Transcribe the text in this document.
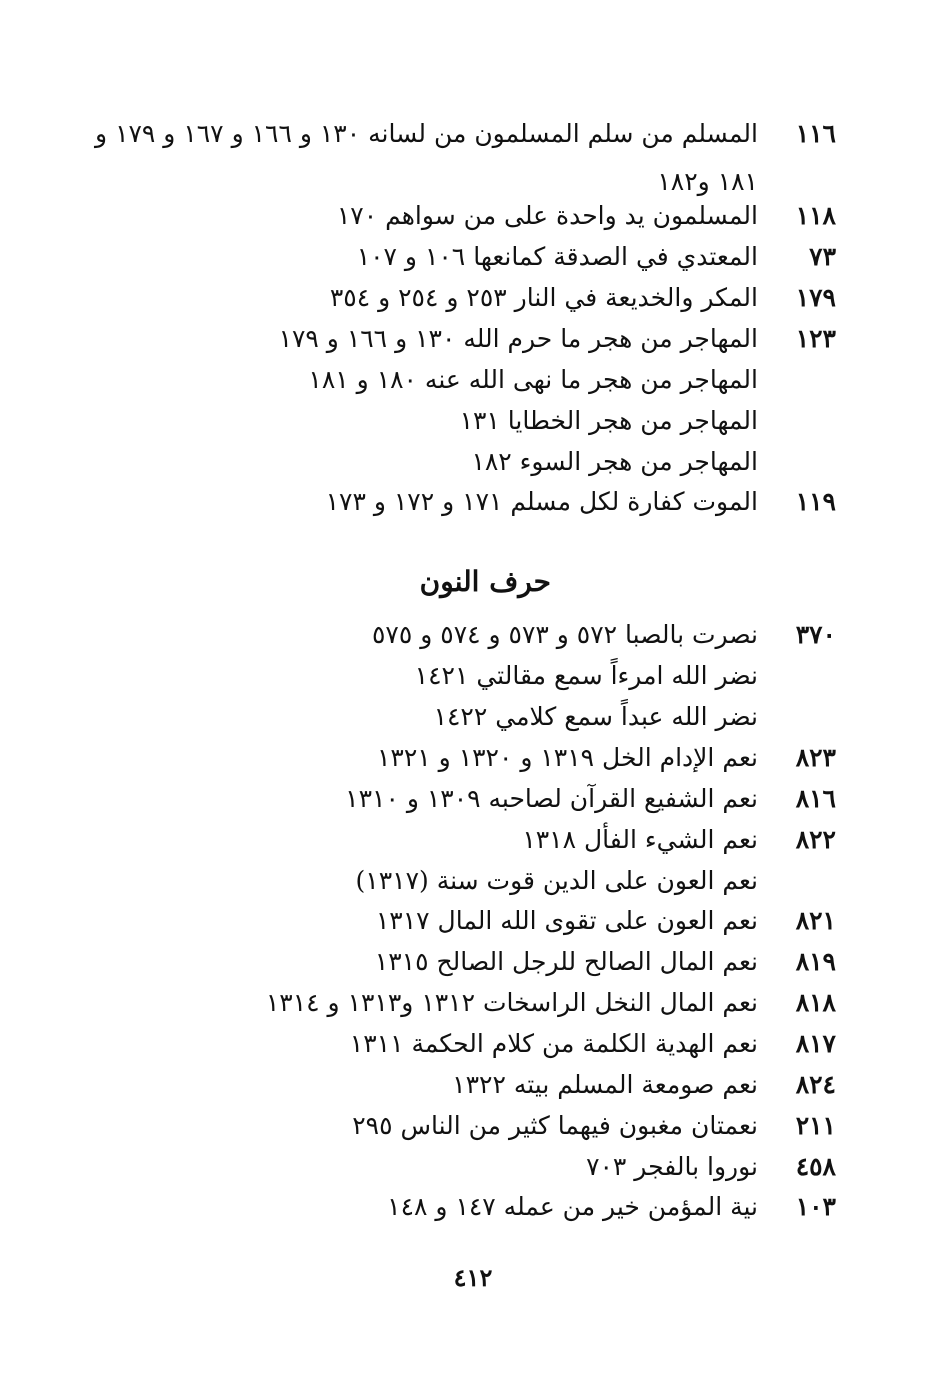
١١٦المسلم من سلم المسلمون من لسانه ١٣٠ و ١٦٦ و ١٦٧ و ١٧٩ و
١٨١ و١٨٢
١١٨المسلمون يد واحدة على من سواهم ١٧٠
٧٣المعتدي في الصدقة كمانعها ١٠٦ و ١٠٧
١٧٩المكر والخديعة في النار ٢٥٣ و ٢٥٤ و ٣٥٤
١٢٣المهاجر من هجر ما حرم الله ١٣٠ و ١٦٦ و ١٧٩
المهاجر من هجر ما نهى الله عنه ١٨٠ و ١٨١
المهاجر من هجر الخطايا ١٣١
المهاجر من هجر السوء ١٨٢
١١٩الموت كفارة لكل مسلم ١٧١ و ١٧٢ و ١٧٣
حرف النون
٣٧٠نصرت بالصبا ٥٧٢ و ٥٧٣ و ٥٧٤ و ٥٧٥
نضر الله امرءاً سمع مقالتي ١٤٢١
نضر الله عبداً سمع كلامي ١٤٢٢
٨٢٣نعم الإدام الخل ١٣١٩ و ١٣٢٠ و ١٣٢١
٨١٦نعم الشفيع القرآن لصاحبه ١٣٠٩ و ١٣١٠
٨٢٢نعم الشيء الفأل ١٣١٨
نعم العون على الدين قوت سنة (١٣١٧)
٨٢١نعم العون على تقوى الله المال ١٣١٧
٨١٩نعم المال الصالح للرجل الصالح ١٣١٥
٨١٨نعم المال النخل الراسخات ١٣١٢ و١٣١٣ و ١٣١٤
٨١٧نعم الهدية الكلمة من كلام الحكمة ١٣١١
٨٢٤نعم صومعة المسلم بيته ١٣٢٢
٢١١نعمتان مغبون فيهما كثير من الناس ٢٩٥
٤٥٨نوروا بالفجر ٧٠٣
١٠٣نية المؤمن خير من عمله ١٤٧ و ١٤٨
٤١٢
